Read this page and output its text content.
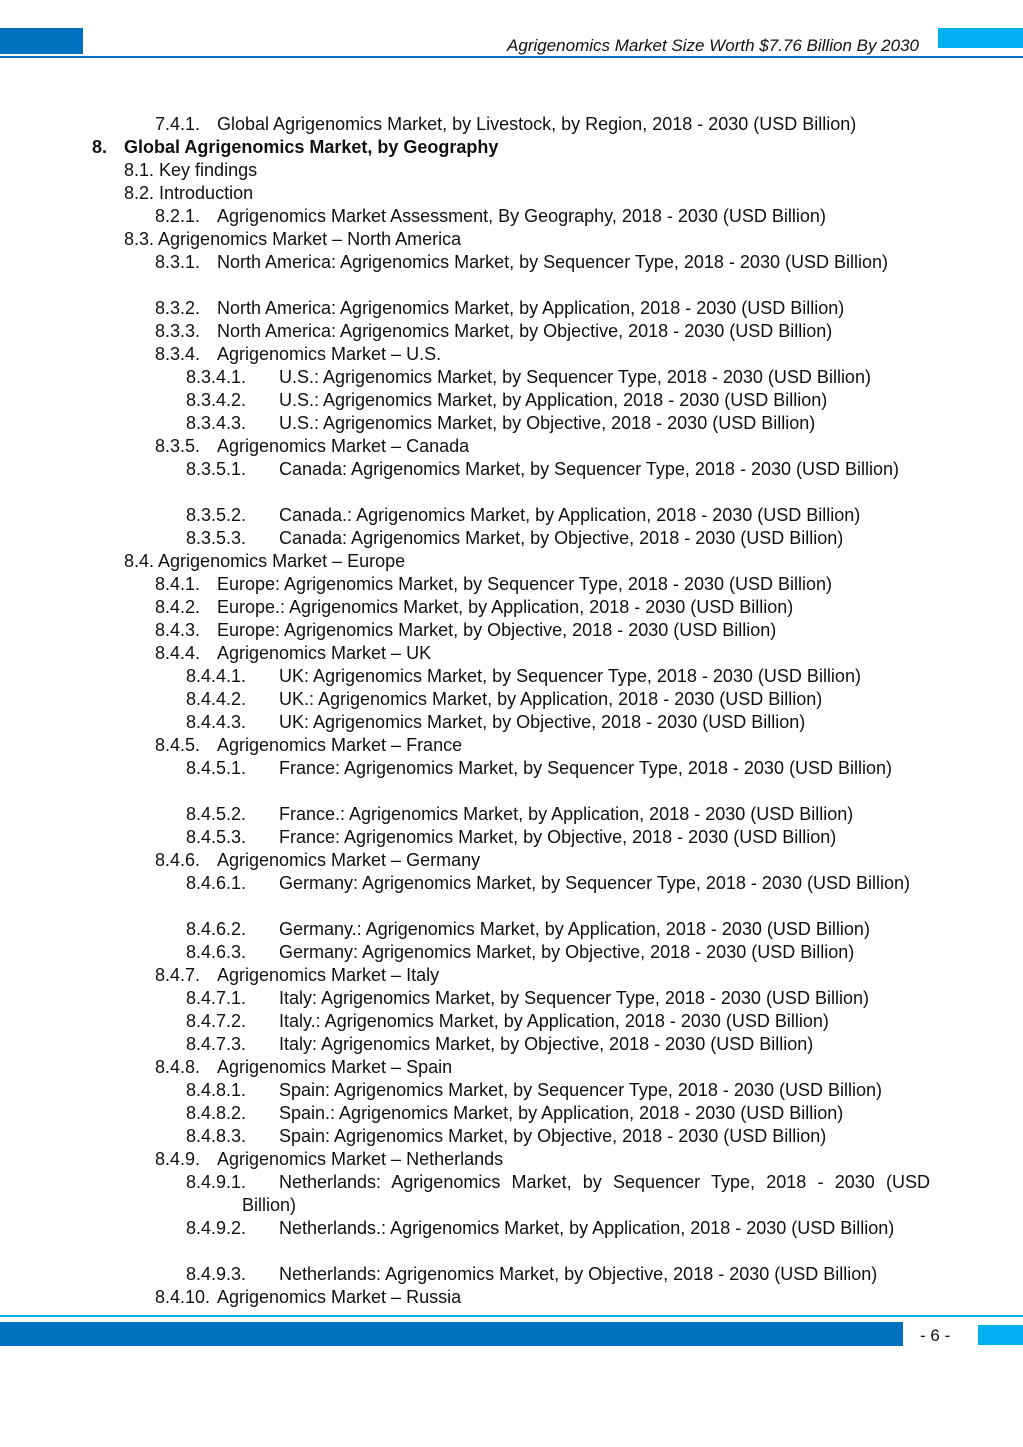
Agrigenomics Market Size Worth $7.76 Billion By 2030
7.4.1. Global Agrigenomics Market, by Livestock, by Region, 2018 - 2030 (USD Billion)
8. Global Agrigenomics Market, by Geography
8.1. Key findings
8.2. Introduction
8.2.1. Agrigenomics Market Assessment, By Geography, 2018 - 2030 (USD Billion)
8.3. Agrigenomics Market – North America
8.3.1. North America: Agrigenomics Market, by Sequencer Type, 2018 - 2030 (USD Billion)
8.3.2. North America: Agrigenomics Market, by Application, 2018 - 2030 (USD Billion)
8.3.3. North America: Agrigenomics Market, by Objective, 2018 - 2030 (USD Billion)
8.3.4. Agrigenomics Market – U.S.
8.3.4.1. U.S.: Agrigenomics Market, by Sequencer Type, 2018 - 2030 (USD Billion)
8.3.4.2. U.S.: Agrigenomics Market, by Application, 2018 - 2030 (USD Billion)
8.3.4.3. U.S.: Agrigenomics Market, by Objective, 2018 - 2030 (USD Billion)
8.3.5. Agrigenomics Market – Canada
8.3.5.1.	Canada: Agrigenomics Market, by Sequencer Type, 2018 - 2030 (USD Billion)
8.3.5.2. Canada.: Agrigenomics Market, by Application, 2018 - 2030 (USD Billion)
8.3.5.3. Canada: Agrigenomics Market, by Objective, 2018 - 2030 (USD Billion)
8.4. Agrigenomics Market – Europe
8.4.1. Europe: Agrigenomics Market, by Sequencer Type, 2018 - 2030 (USD Billion)
8.4.2. Europe.: Agrigenomics Market, by Application, 2018 - 2030 (USD Billion)
8.4.3. Europe: Agrigenomics Market, by Objective, 2018 - 2030 (USD Billion)
8.4.4. Agrigenomics Market – UK
8.4.4.1. UK: Agrigenomics Market, by Sequencer Type, 2018 - 2030 (USD Billion)
8.4.4.2. UK.: Agrigenomics Market, by Application, 2018 - 2030 (USD Billion)
8.4.4.3. UK: Agrigenomics Market, by Objective, 2018 - 2030 (USD Billion)
8.4.5. Agrigenomics Market – France
8.4.5.1.	France: Agrigenomics Market, by Sequencer Type, 2018 - 2030 (USD Billion)
8.4.5.2. France.: Agrigenomics Market, by Application, 2018 - 2030 (USD Billion)
8.4.5.3. France: Agrigenomics Market, by Objective, 2018 - 2030 (USD Billion)
8.4.6. Agrigenomics Market – Germany
8.4.6.1.	Germany: Agrigenomics Market, by Sequencer Type, 2018 - 2030 (USD Billion)
8.4.6.2. Germany.: Agrigenomics Market, by Application, 2018 - 2030 (USD Billion)
8.4.6.3. Germany: Agrigenomics Market, by Objective, 2018 - 2030 (USD Billion)
8.4.7. Agrigenomics Market – Italy
8.4.7.1. Italy: Agrigenomics Market, by Sequencer Type, 2018 - 2030 (USD Billion)
8.4.7.2. Italy.: Agrigenomics Market, by Application, 2018 - 2030 (USD Billion)
8.4.7.3. Italy: Agrigenomics Market, by Objective, 2018 - 2030 (USD Billion)
8.4.8. Agrigenomics Market – Spain
8.4.8.1. Spain: Agrigenomics Market, by Sequencer Type, 2018 - 2030 (USD Billion)
8.4.8.2. Spain.: Agrigenomics Market, by Application, 2018 - 2030 (USD Billion)
8.4.8.3. Spain: Agrigenomics Market, by Objective, 2018 - 2030 (USD Billion)
8.4.9. Agrigenomics Market – Netherlands
8.4.9.1.	Netherlands: Agrigenomics Market, by Sequencer Type, 2018 - 2030 (USD Billion)
8.4.9.2.	Netherlands.: Agrigenomics Market, by Application, 2018 - 2030 (USD Billion)
8.4.9.3. Netherlands: Agrigenomics Market, by Objective, 2018 - 2030 (USD Billion)
8.4.10. Agrigenomics Market – Russia
- 6 -
